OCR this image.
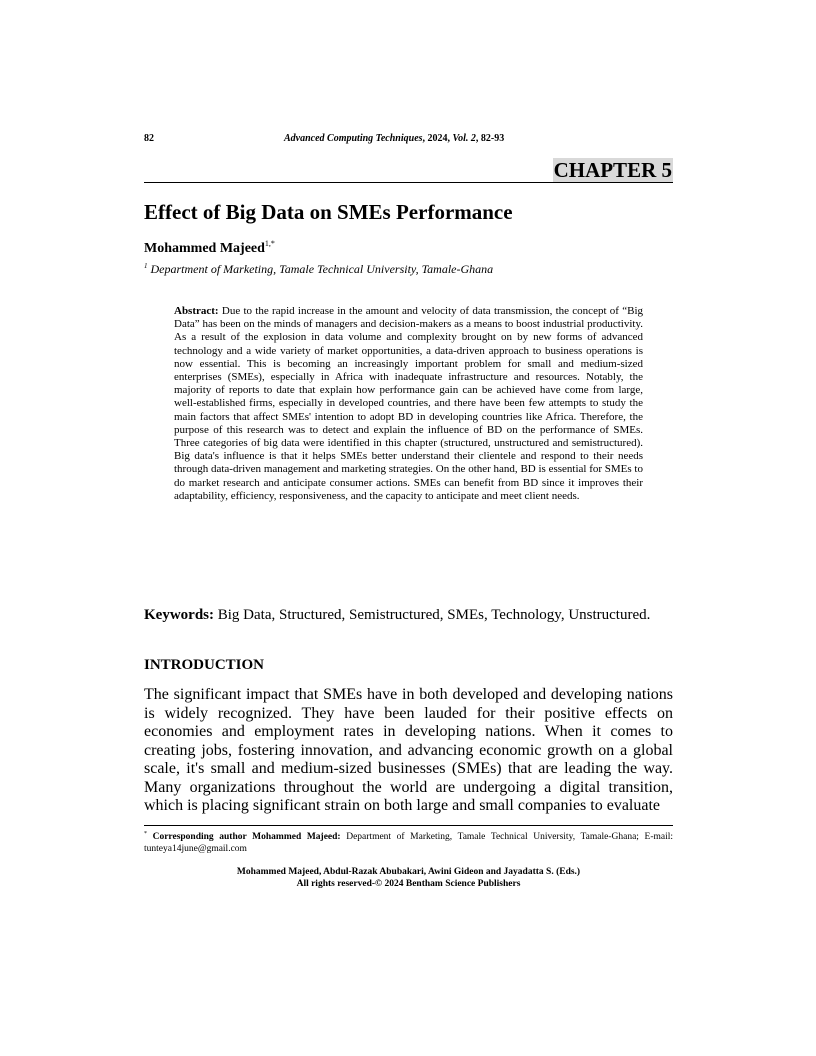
82	Advanced Computing Techniques, 2024, Vol. 2, 82-93
CHAPTER 5
Effect of Big Data on SMEs Performance
Mohammed Majeed$^{1,*}$
$^1$ Department of Marketing, Tamale Technical University, Tamale-Ghana

Abstract: Due to the rapid increase in the amount and velocity of data transmission, the concept of “Big Data” has been on the minds of managers and decision-makers as a means to boost industrial productivity. As a result of the explosion in data volume and complexity brought on by new forms of advanced technology and a wide variety of market opportunities, a data-driven approach to business operations is now essential. This is becoming an increasingly important problem for small and medium-sized enterprises (SMEs), especially in Africa with inadequate infrastructure and resources. Notably, the majority of reports to date that explain how performance gain can be achieved have come from large, well-established firms, especially in developed countries, and there have been few attempts to study the main factors that affect SMEs' intention to adopt BD in developing countries like Africa. Therefore, the purpose of this research was to detect and explain the influence of BD on the performance of SMEs. Three categories of big data were identified in this chapter (structured, unstructured and semistructured). Big data's influence is that it helps SMEs better understand their clientele and respond to their needs through data-driven management and marketing strategies. On the other hand, BD is essential for SMEs to do market research and anticipate consumer actions. SMEs can benefit from BD since it improves their adaptability, efficiency, responsiveness, and the capacity to anticipate and meet client needs.

Keywords: Big Data, Structured, Semistructured, SMEs, Technology, Unstructured.

INTRODUCTION

The significant impact that SMEs have in both developed and developing nations is widely recognized. They have been lauded for their positive effects on economies and employment rates in developing nations. When it comes to creating jobs, fostering innovation, and advancing economic growth on a global scale, it's small and medium-sized businesses (SMEs) that are leading the way. Many organizations throughout the world are undergoing a digital transition, which is placing significant strain on both large and small companies to evaluate

* Corresponding author Mohammed Majeed: Department of Marketing, Tamale Technical University, Tamale-Ghana; E-mail: tunteya14june@gmail.com

Mohammed Majeed, Abdul-Razak Abubakari, Awini Gideon and Jayadatta S. (Eds.)
All rights reserved-© 2024 Bentham Science Publishers
